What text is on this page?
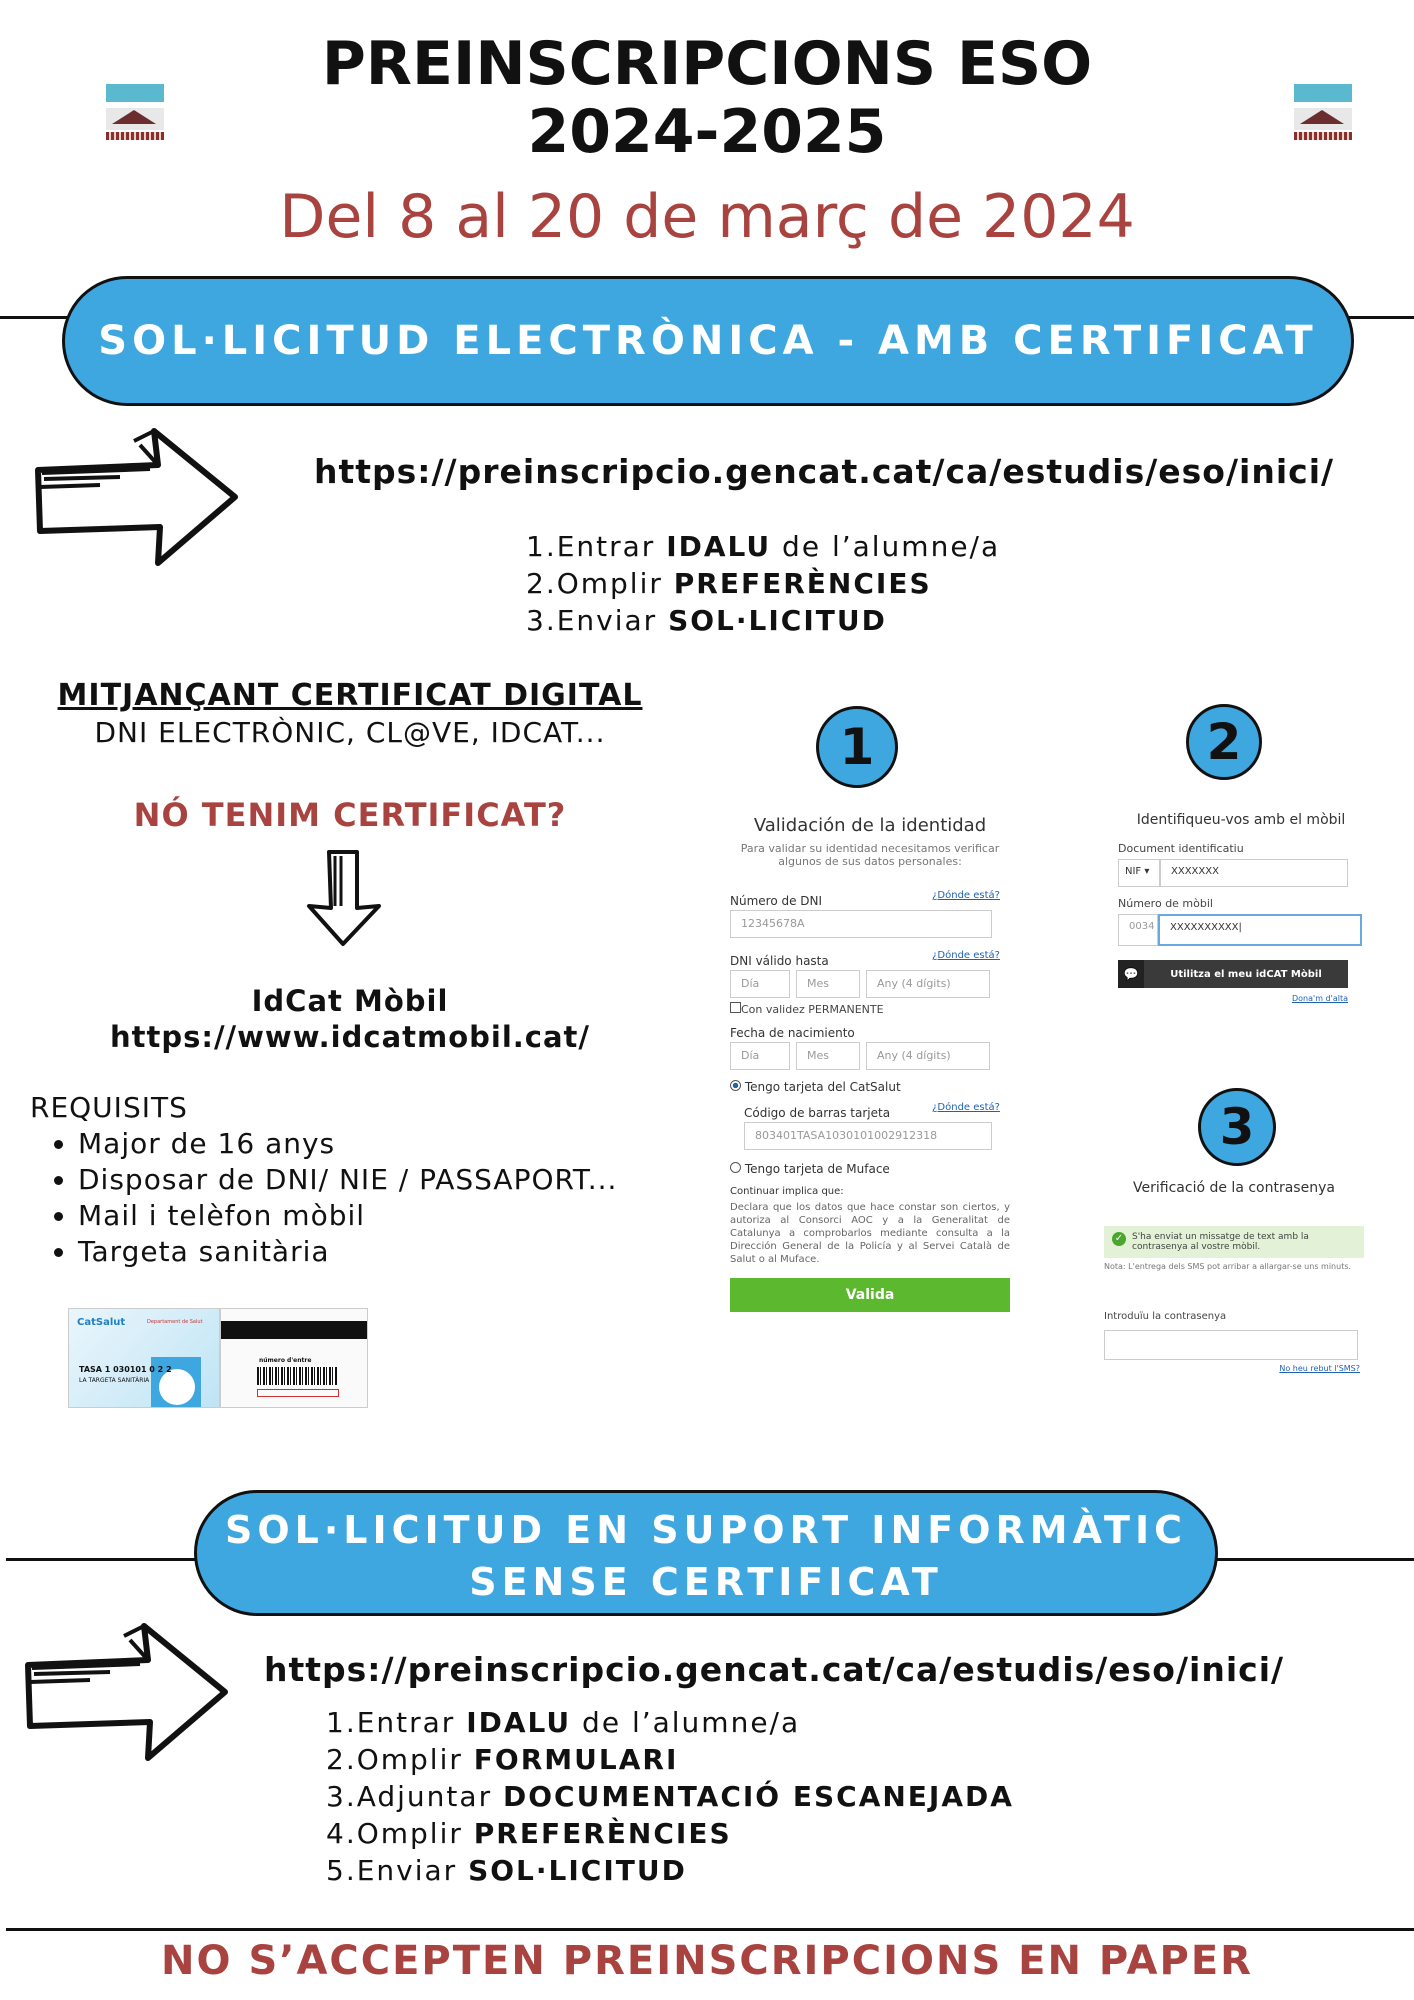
PREINSCRIPCIONS ESO
2024-2025
Del 8 al 20 de març de 2024
SOL·LICITUD ELECTRÒNICA - AMB CERTIFICAT
https://preinscripcio.gencat.cat/ca/estudis/eso/inici/
1.Entrar IDALU de l’alumne/a
2.Omplir PREFERÈNCIES
3.Enviar SOL·LICITUD
MITJANÇANT CERTIFICAT DIGITAL
DNI ELECTRÒNIC, CL@VE, IDCAT...
NÓ TENIM CERTIFICAT?
IdCat Mòbil
https://www.idcatmobil.cat/
REQUISITS
• Major de 16 anys
• Disposar de DNI/ NIE / PASSAPORT...
• Mail i telèfon mòbil
• Targeta sanitària
CatSalut	Departament de Salut
TASA 1 030101 0 2 2
LA TARGETA SANITÀRIA
número d'entre
1
Validación de la identidad
Para validar su identidad necesitamos verificar algunos de sus datos personales:
Número de DNI	¿Dónde está?
12345678A
DNI válido hasta	¿Dónde está?
Día	Mes	Any (4 dígits)
Con validez PERMANENTE
Fecha de nacimiento
Día	Mes	Any (4 dígits)
Tengo tarjeta del CatSalut
Código de barras tarjeta	¿Dónde está?
803401TASA1030101002912318
Tengo tarjeta de Muface
Continuar implica que:
Declara que los datos que hace constar son ciertos, y autoriza al Consorci AOC y a la Generalitat de Catalunya a comprobarlos mediante consulta a la Dirección General de la Policía y al Servei Català de Salut o al Muface.
Valida
2
Identifiqueu-vos amb el mòbil
Document identificatiu
NIF ▾	XXXXXXX
Número de mòbil
0034	XXXXXXXXXX|
💬	Utilitza el meu idCAT Mòbil
Dona'm d'alta
3
Verificació de la contrasenya
✓ S'ha enviat un missatge de text amb la contrasenya al vostre mòbil.
Nota: L'entrega dels SMS pot arribar a allargar-se uns minuts.
Introduïu la contrasenya
No heu rebut l'SMS?
SOL·LICITUD EN SUPORT INFORMÀTIC
SENSE CERTIFICAT
https://preinscripcio.gencat.cat/ca/estudis/eso/inici/
1.Entrar IDALU de l’alumne/a
2.Omplir FORMULARI
3.Adjuntar DOCUMENTACIÓ ESCANEJADA
4.Omplir PREFERÈNCIES
5.Enviar SOL·LICITUD
NO S’ACCEPTEN PREINSCRIPCIONS EN PAPER
